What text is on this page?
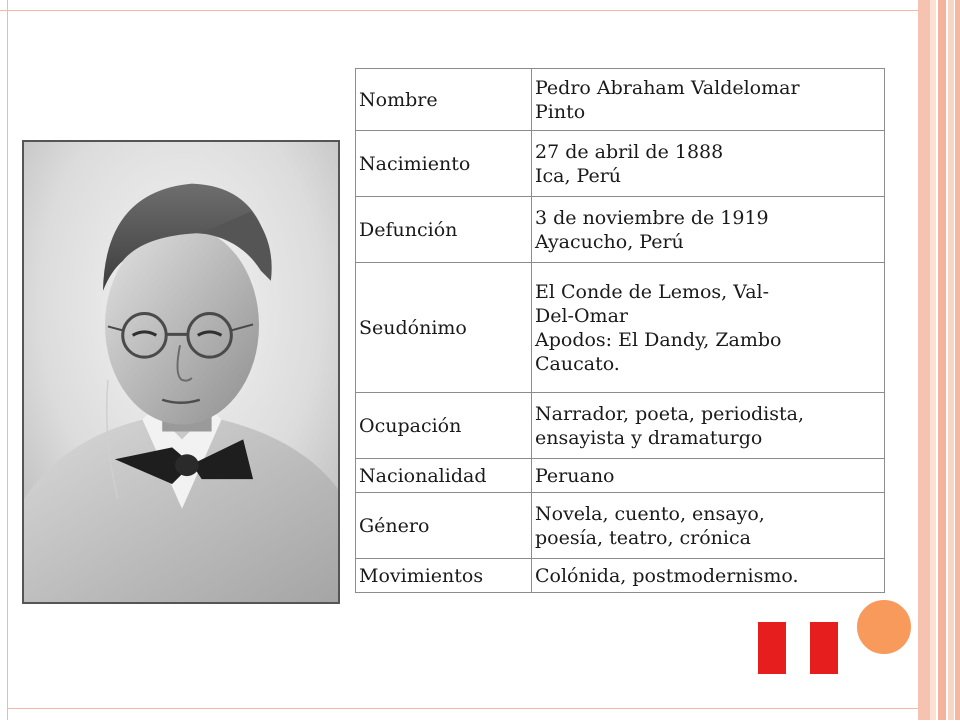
Nombre	Pedro Abraham Valdelomar
Pinto

Nacimiento	27 de abril de 1888
Ica, Perú

Defunción	3 de noviembre de 1919
Ayacucho, Perú

Seudónimo	El Conde de Lemos, Val-
Del-Omar
Apodos: El Dandy, Zambo
Caucato.

Ocupación	Narrador, poeta, periodista,
ensayista y dramaturgo

Nacionalidad	Peruano

Género	Novela, cuento, ensayo,
poesía, teatro, crónica

Movimientos	Colónida, postmodernismo.
